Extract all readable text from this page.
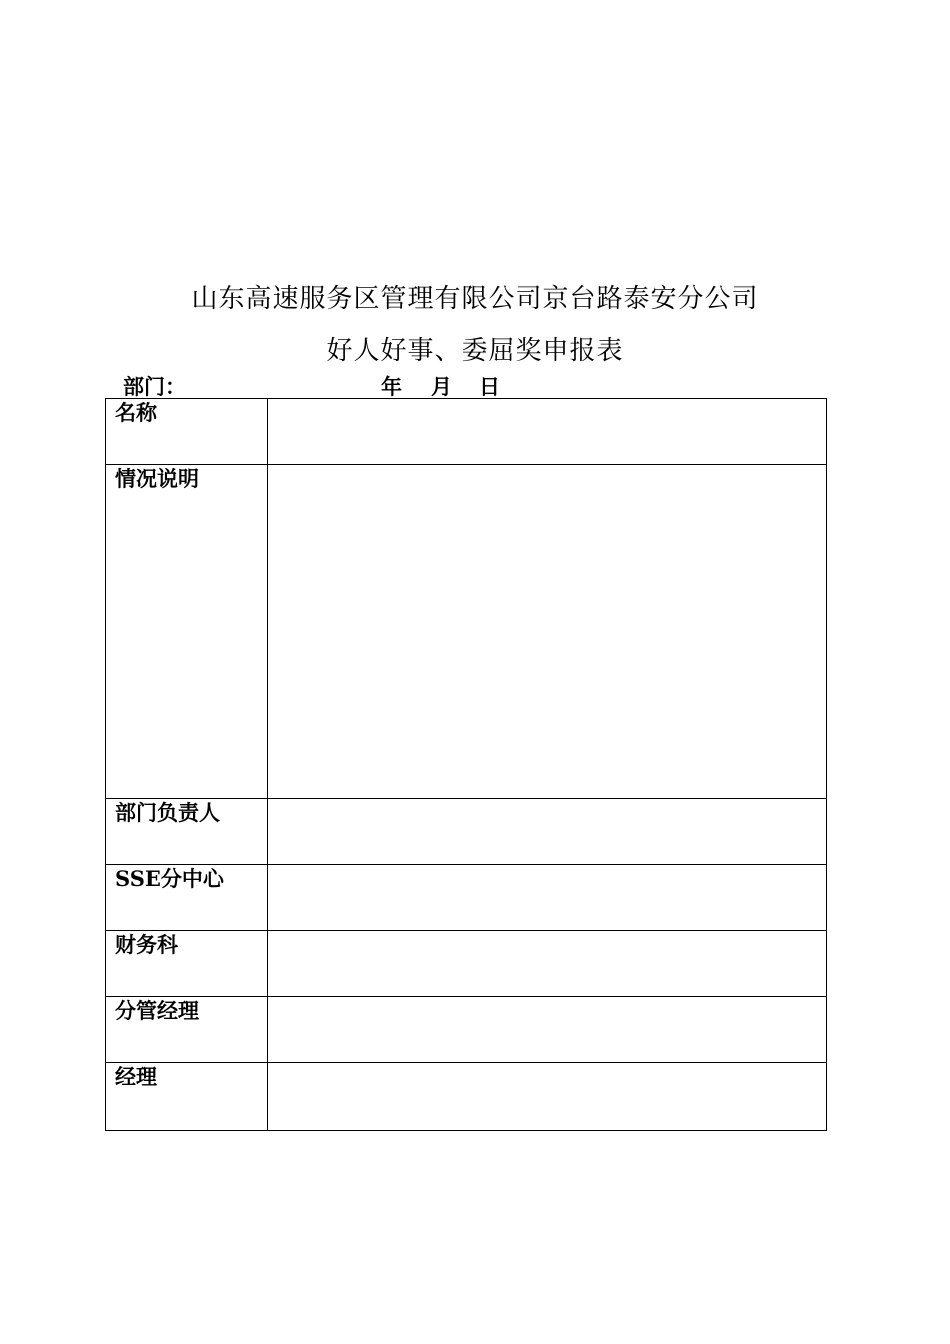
山东高速服务区管理有限公司京台路泰安分公司
好人好事、委屈奖申报表
部门：	年 月 日
名称	
情况说明	
部门负责人	
SSE分中心	
财务科	
分管经理	
经理	
